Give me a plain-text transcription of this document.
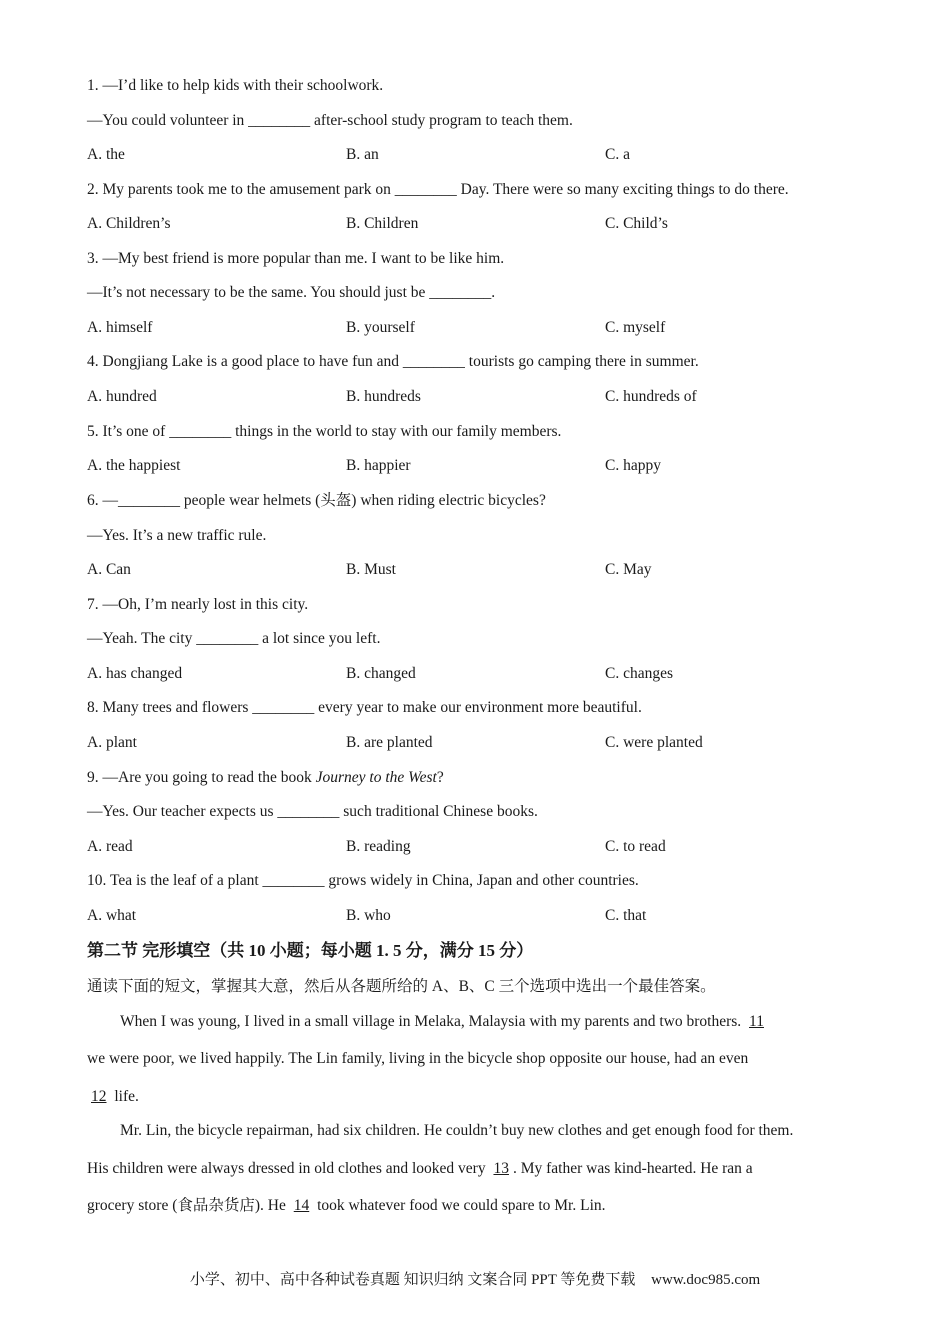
1. —I’d like to help kids with their schoolwork.
—You could volunteer in ________ after-school study program to teach them.
A. the	B. an	C. a
2. My parents took me to the amusement park on ________ Day. There were so many exciting things to do there.
A. Children’s	B. Children	C. Child’s
3. —My best friend is more popular than me. I want to be like him.
—It’s not necessary to be the same. You should just be ________.
A. himself	B. yourself	C. myself
4. Dongjiang Lake is a good place to have fun and ________ tourists go camping there in summer.
A. hundred	B. hundreds	C. hundreds of
5. It’s one of ________ things in the world to stay with our family members.
A. the happiest	B. happier	C. happy
6. —________ people wear helmets (头盔) when riding electric bicycles?
—Yes. It’s a new traffic rule.
A. Can	B. Must	C. May
7. —Oh, I’m nearly lost in this city.
—Yeah. The city ________ a lot since you left.
A. has changed	B. changed	C. changes
8. Many trees and flowers ________ every year to make our environment more beautiful.
A. plant	B. are planted	C. were planted
9. —Are you going to read the book Journey to the West?
—Yes. Our teacher expects us ________ such traditional Chinese books.
A. read	B. reading	C. to read
10. Tea is the leaf of a plant ________ grows widely in China, Japan and other countries.
A. what	B. who	C. that
第二节 完形填空（共 10 小题；每小题 1. 5 分，满分 15 分）
通读下面的短文，掌握其大意，然后从各题所给的 A、B、C 三个选项中选出一个最佳答案。
When I was young, I lived in a small village in Melaka, Malaysia with my parents and two brothers. 11
we were poor, we lived happily. The Lin family, living in the bicycle shop opposite our house, had an even
12 life.
Mr. Lin, the bicycle repairman, had six children. He couldn’t buy new clothes and get enough food for them.
His children were always dressed in old clothes and looked very 13 . My father was kind-hearted. He ran a
grocery store (食品杂货店). He 14 took whatever food we could spare to Mr. Lin.
小学、初中、高中各种试卷真题 知识归纳 文案合同 PPT 等免费下载 www.doc985.com
